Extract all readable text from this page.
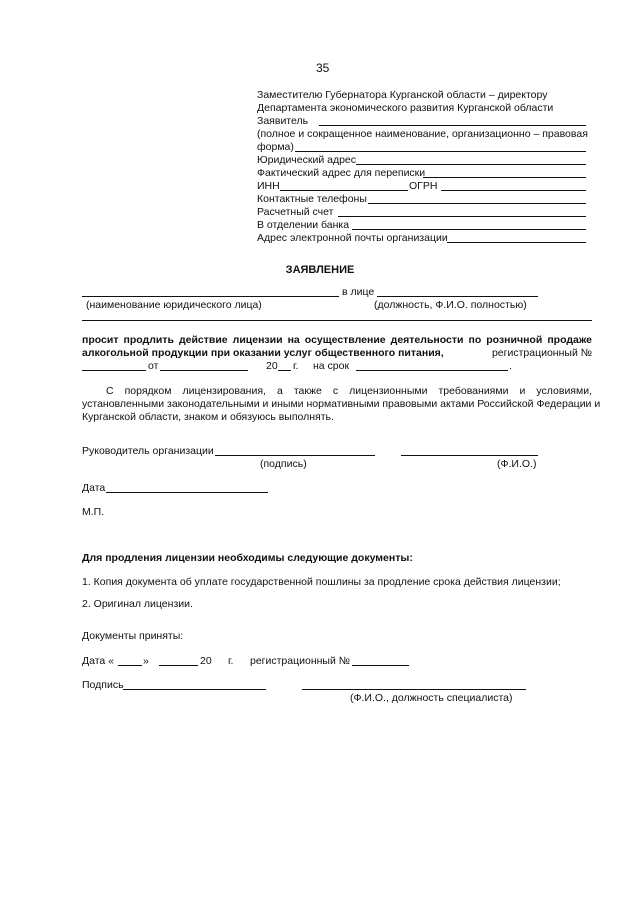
35
Заместителю Губернатора Курганской области – директору
Департамента экономического развития Курганской области
Заявитель
(полное и сокращенное наименование, организационно – правовая
форма)
Юридический адрес
Фактический адрес для переписки
ИНН	ОГРН
Контактные телефоны
Расчетный счет
В отделении банка
Адрес электронной почты организации
ЗАЯВЛЕНИЕ
в лице
(наименование юридического лица)	(должность, Ф.И.О. полностью)
просит продлить действие лицензии на осуществление деятельности по розничной продаже
алкогольной продукции при оказании услуг общественного питания,	регистрационный №
от	20 г. на срок	.
С порядком лицензирования, а также с лицензионными требованиями и условиями,
установленными законодательными и иными нормативными правовыми актами Российской Федерации и
Курганской области, знаком и обязуюсь выполнять.
Руководитель организации
(подпись)	(Ф.И.О.)
Дата
М.П.
Для продления лицензии необходимы следующие документы:
1. Копия документа об уплате государственной пошлины за продление срока действия лицензии;
2. Оригинал лицензии.
Документы приняты:
Дата «	»	20 г. регистрационный №
Подпись
(Ф.И.О., должность специалиста)
